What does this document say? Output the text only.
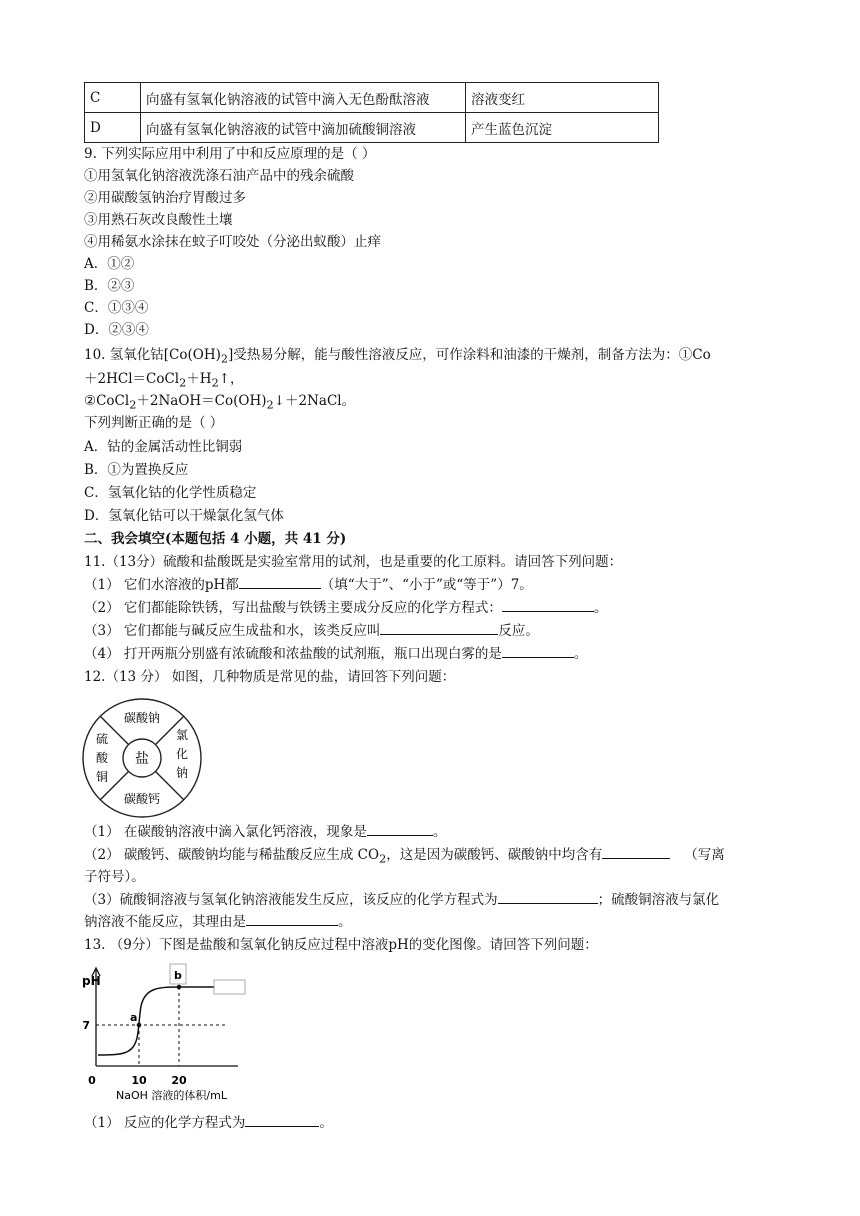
C	向盛有氢氧化钠溶液的试管中滴入无色酚酞溶液	溶液变红
D	向盛有氢氧化钠溶液的试管中滴加硫酸铜溶液	产生蓝色沉淀
9. 下列实际应用中利用了中和反应原理的是（ ）
①用氢氧化钠溶液洗涤石油产品中的残余硫酸
②用碳酸氢钠治疗胃酸过多
③用熟石灰改良酸性土壤
④用稀氨水涂抹在蚊子叮咬处（分泌出蚁酸）止痒
A．①②
B．②③
C．①③④
D．②③④
10. 氢氧化钴$[Co(OH)_2]$受热易分解，能与酸性溶液反应，可作涂料和油漆的干燥剂，制备方法为：①Co
$+2HCl=CoCl_2+H_2↑$，
$②CoCl_2+2NaOH=Co(OH)_2↓+2NaCl$。
下列判断正确的是（ ）
A．钴的金属活动性比铜弱
B．①为置换反应
C．氢氧化钴的化学性质稳定
D．氢氧化钴可以干燥氯化氢气体
二、我会填空(本题包括 4 小题，共 41 分)
11.（13分）硫酸和盐酸既是实验室常用的试剂，也是重要的化工原料。请回答下列问题：
（1） 它们水溶液的pH都	（填“大于”、“小于”或“等于”）7。
（2） 它们都能除铁锈，写出盐酸与铁锈主要成分反应的化学方程式：	。
（3） 它们都能与碱反应生成盐和水，该类反应叫	反应。
（4） 打开两瓶分别盛有浓硫酸和浓盐酸的试剂瓶，瓶口出现白雾的是	。
12.（13 分） 如图，几种物质是常见的盐，请回答下列问题：
盐
碳酸钠
碳酸钙
硫
酸
铜
氯
化
钠
（1） 在碳酸钠溶液中滴入氯化钙溶液，现象是	。
（2） 碳酸钙、碳酸钠均能与稀盐酸反应生成 $CO_2$，这是因为碳酸钙、碳酸钠中均含有	（写离
子符号）。
（3）硫酸铜溶液与氢氧化钠溶液能发生反应，该反应的化学方程式为	；硫酸铜溶液与氯化
钠溶液不能反应，其理由是	。
13. （9分）下图是盐酸和氢氧化钠反应过程中溶液pH的变化图像。请回答下列问题：
pH
0	10 20
7
NaOH 溶液的体积/mL
a
b
（1） 反应的化学方程式为	。
